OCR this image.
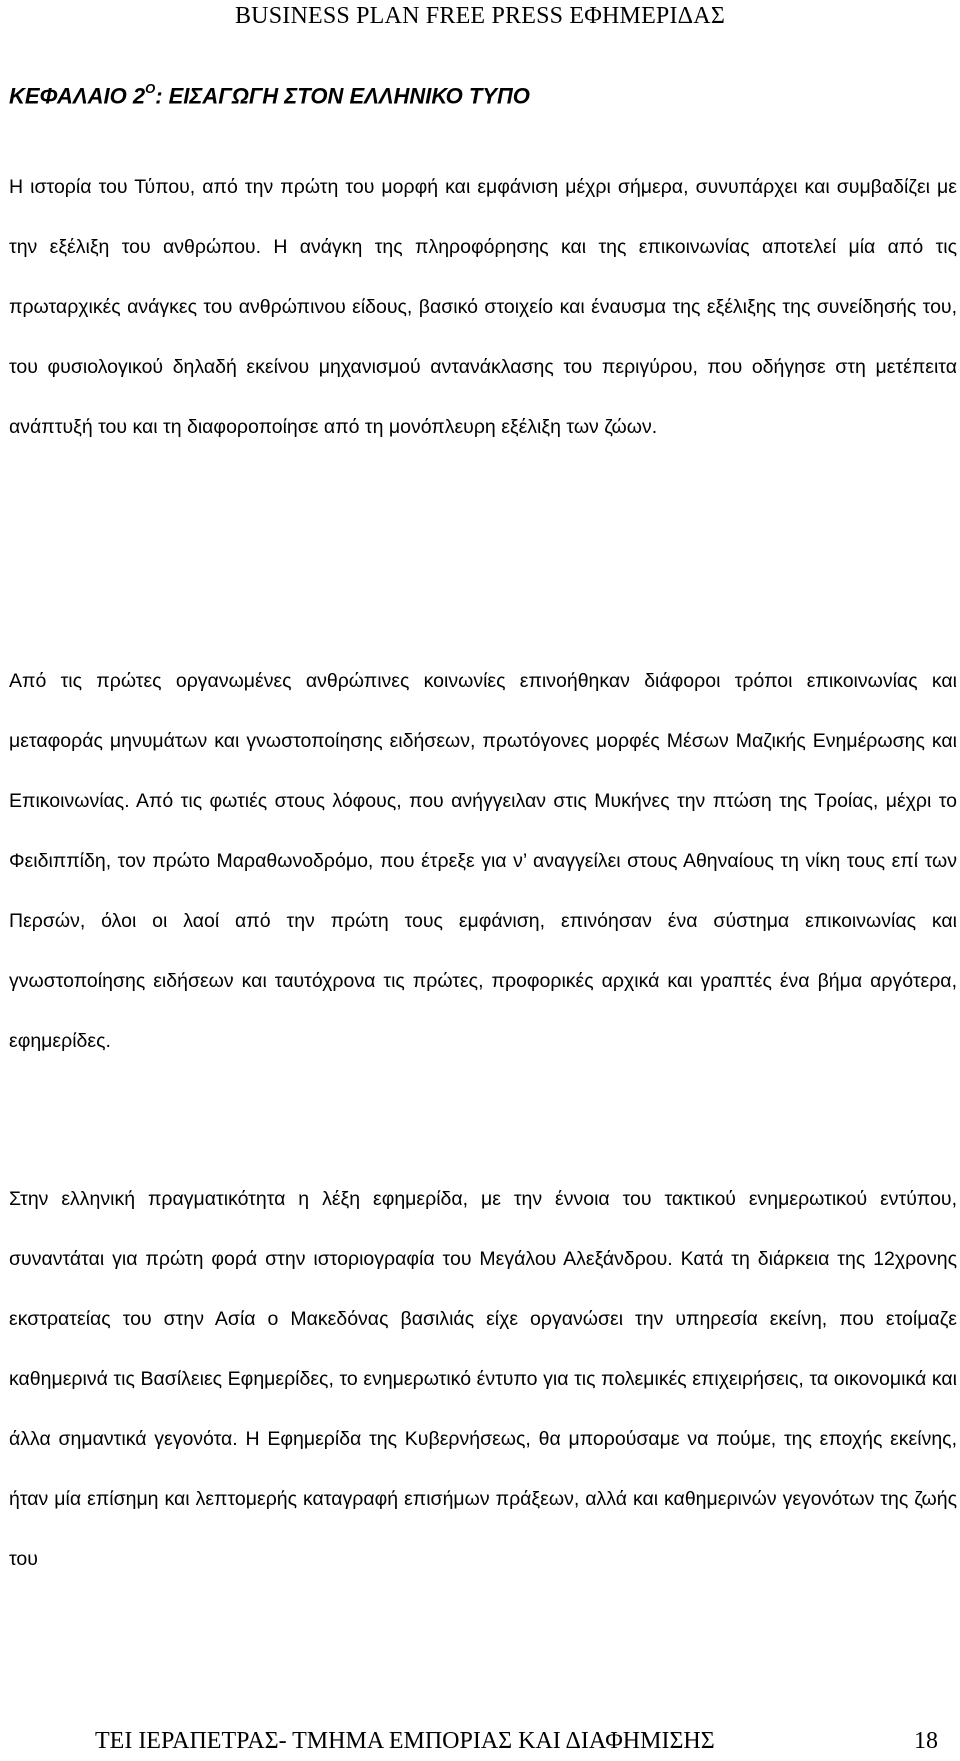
BUSINESS PLAN FREE PRESS ΕΦΗΜΕΡΙΔΑΣ
ΚΕΦΑΛΑΙΟ $2^O$: ΕΙΣΑΓΩΓΗ ΣΤΟΝ ΕΛΛΗΝΙΚΟ ΤΥΠΟ

Η ιστορία του Τύπου, από την πρώτη του μορφή και εμφάνιση μέχρι σήμερα, συνυπάρχει και συμβαδίζει με την εξέλιξη του ανθρώπου. Η ανάγκη της πληροφόρησης και της επικοινωνίας αποτελεί μία από τις πρωταρχικές ανάγκες του ανθρώπινου είδους, βασικό στοιχείο και έναυσμα της εξέλιξης της συνείδησής του, του φυσιολογικού δηλαδή εκείνου μηχανισμού αντανάκλασης του περιγύρου, που οδήγησε στη μετέπειτα ανάπτυξή του και τη διαφοροποίησε από τη μονόπλευρη εξέλιξη των ζώων.

Από τις πρώτες οργανωμένες ανθρώπινες κοινωνίες επινοήθηκαν διάφοροι τρόποι επικοινωνίας και μεταφοράς μηνυμάτων και γνωστοποίησης ειδήσεων, πρωτόγονες μορφές Μέσων Μαζικής Ενημέρωσης και Επικοινωνίας. Από τις φωτιές στους λόφους, που ανήγγειλαν στις Μυκήνες την πτώση της Τροίας, μέχρι το Φειδιππίδη, τον πρώτο Μαραθωνοδρόμο, που έτρεξε για ν’ αναγγείλει στους Αθηναίους τη νίκη τους επί των Περσών, όλοι οι λαοί από την πρώτη τους εμφάνιση, επινόησαν ένα σύστημα επικοινωνίας και γνωστοποίησης ειδήσεων και ταυτόχρονα τις πρώτες, προφορικές αρχικά και γραπτές ένα βήμα αργότερα, εφημερίδες.

Στην ελληνική πραγματικότητα η λέξη εφημερίδα, με την έννοια του τακτικού ενημερωτικού εντύπου, συναντάται για πρώτη φορά στην ιστοριογραφία του Μεγάλου Αλεξάνδρου. Κατά τη διάρκεια της 12χρονης εκστρατείας του στην Ασία ο Μακεδόνας βασιλιάς είχε οργανώσει την υπηρεσία εκείνη, που ετοίμαζε καθημερινά τις Βασίλειες Εφημερίδες, το ενημερωτικό έντυπο για τις πολεμικές επιχειρήσεις, τα οικονομικά και άλλα σημαντικά γεγονότα. Η Εφημερίδα της Κυβερνήσεως, θα μπορούσαμε να πούμε, της εποχής εκείνης, ήταν μία επίσημη και λεπτομερής καταγραφή επισήμων πράξεων, αλλά και καθημερινών γεγονότων της ζωής του

ΤΕΙ ΙΕΡΑΠΕΤΡΑΣ- ΤΜΗΜΑ ΕΜΠΟΡΙΑΣ ΚΑΙ ΔΙΑΦΗΜΙΣΗΣ	18
